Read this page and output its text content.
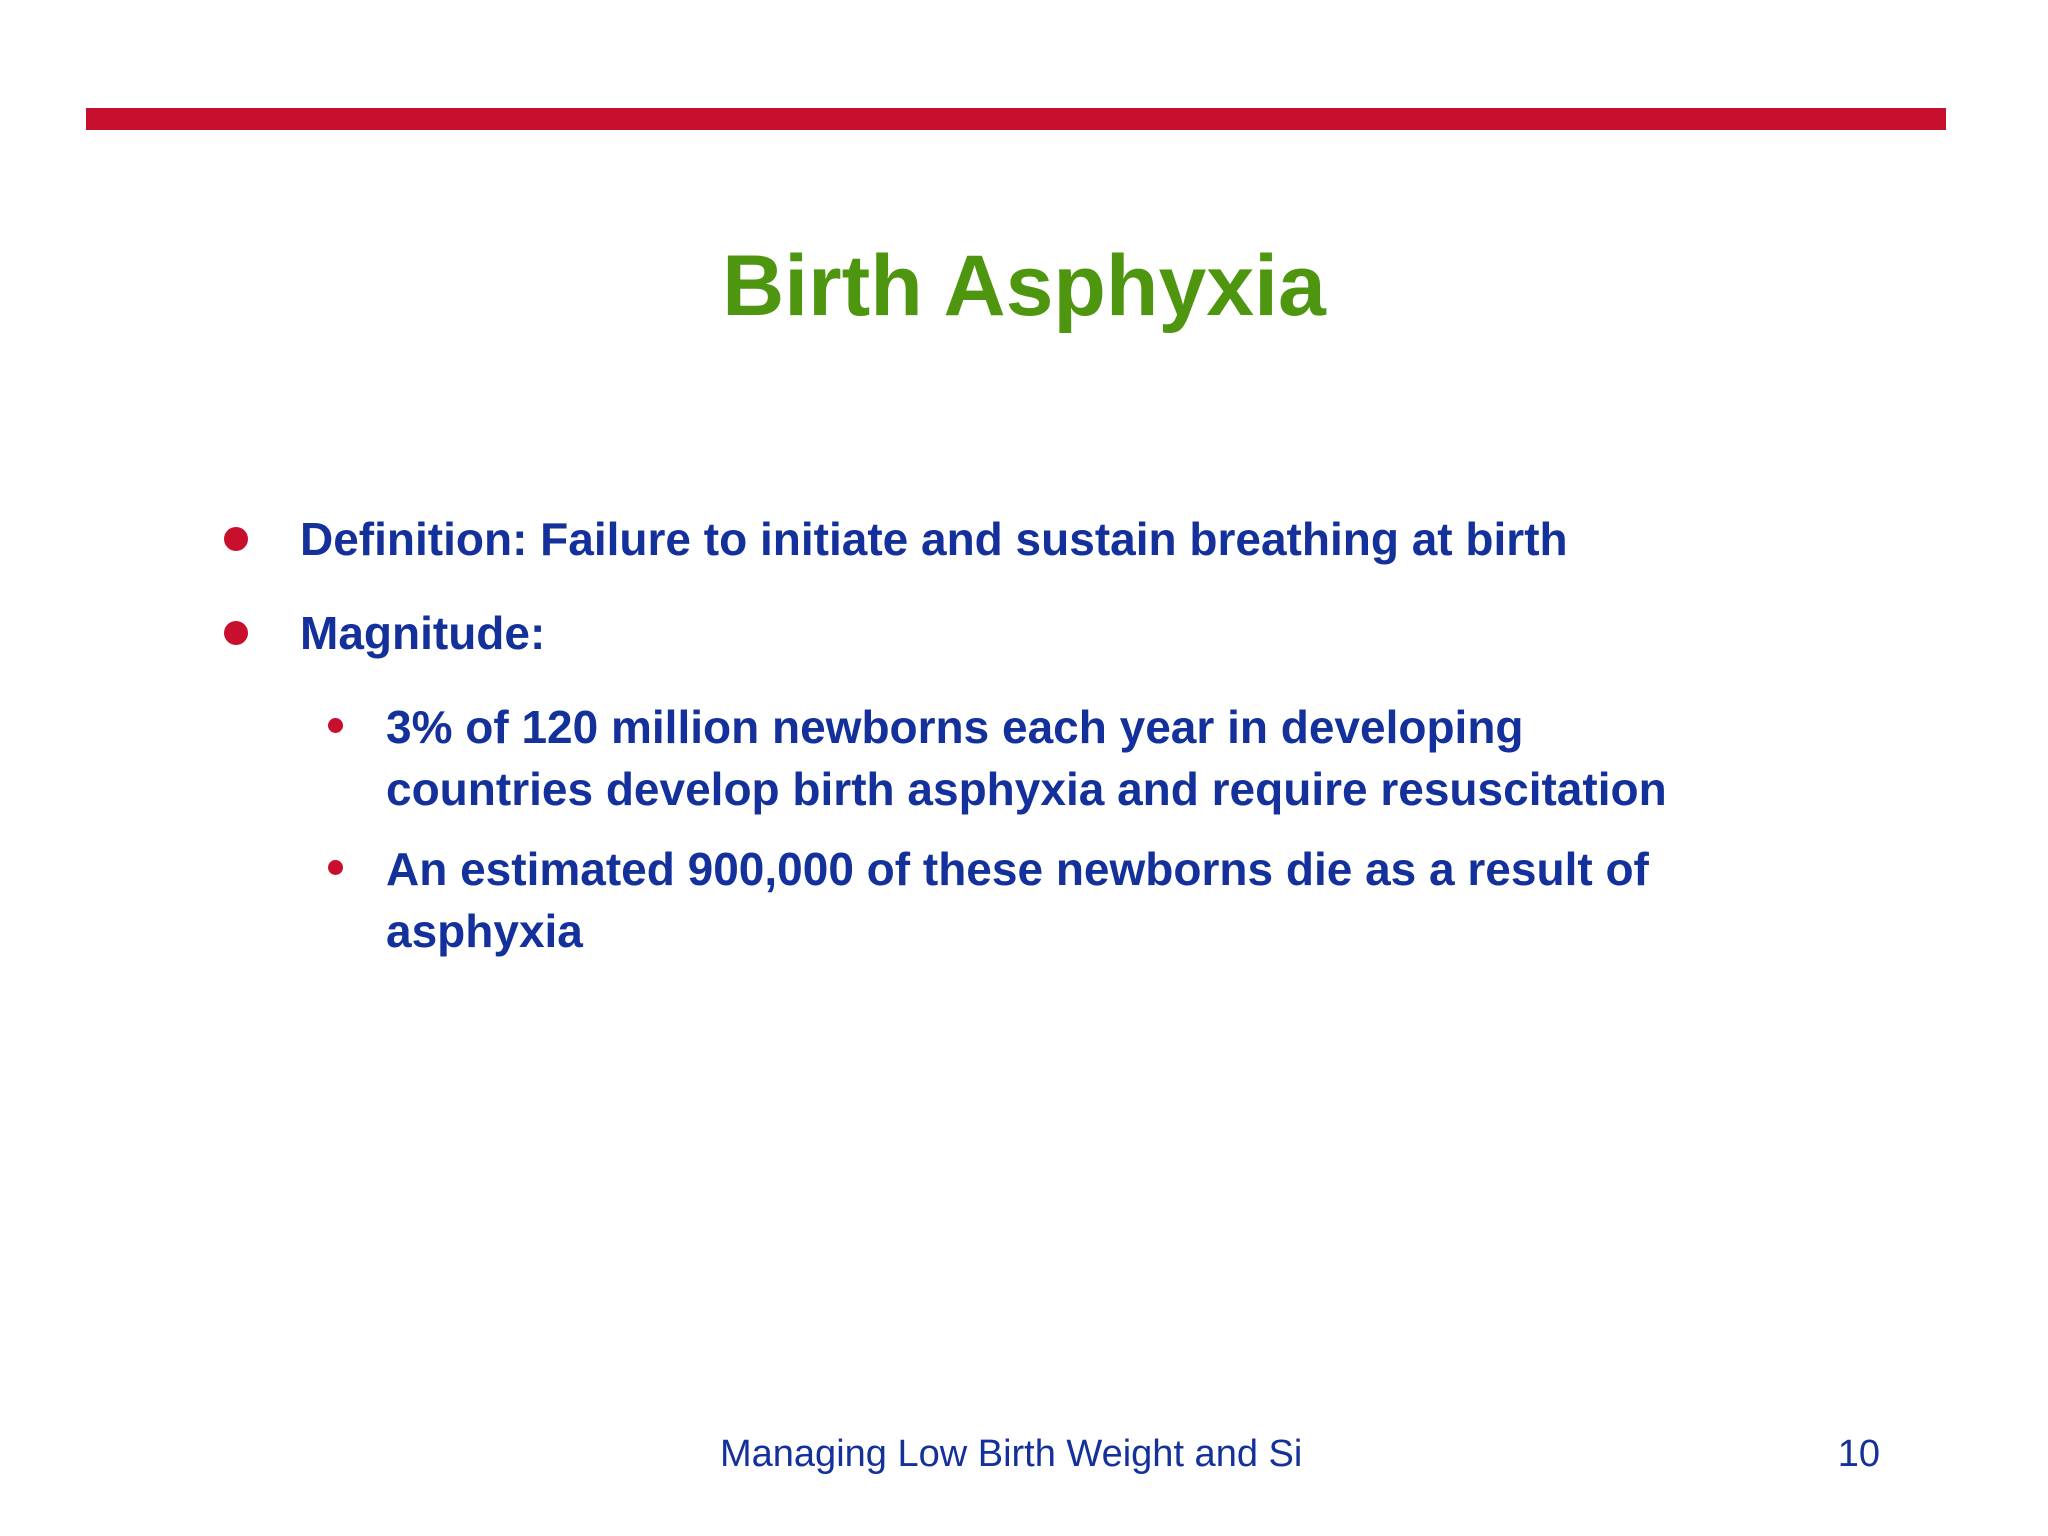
Birth Asphyxia
Definition: Failure to initiate and sustain breathing at birth
Magnitude:
3% of 120 million newborns each year in developing
countries develop birth asphyxia and require resuscitation
An estimated 900,000 of these newborns die as a result of
asphyxia
Managing Low Birth Weight and Si	10
